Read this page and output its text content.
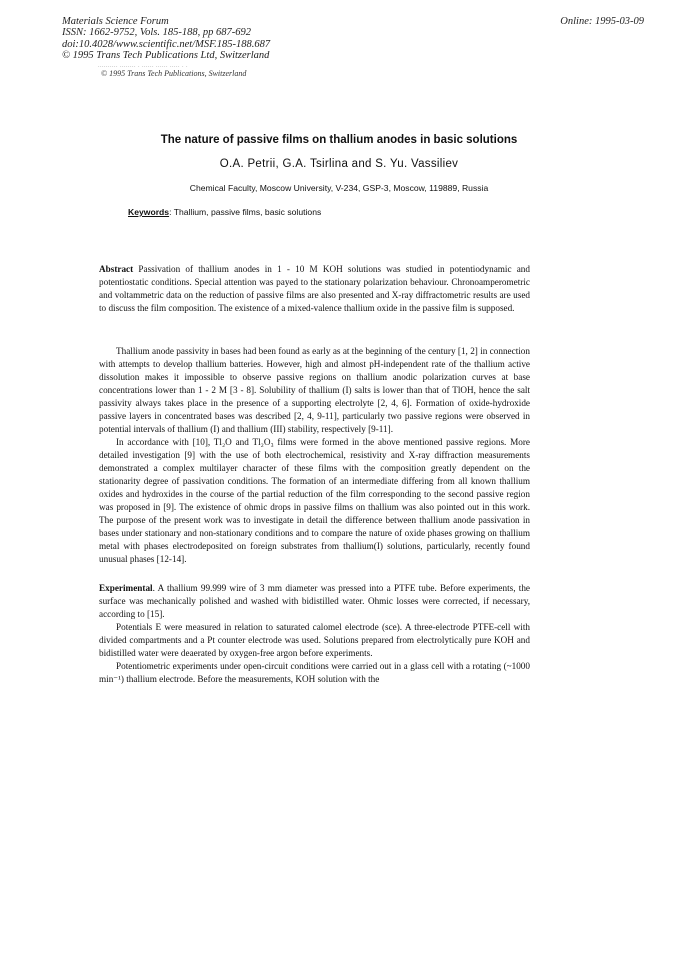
Materials Science Forum
ISSN: 1662-9752, Vols. 185-188, pp 687-692
doi:10.4028/www.scientific.net/MSF.185-188.687
© 1995 Trans Tech Publications Ltd, Switzerland
Online: 1995-03-09
.......... ........ . ...... ...... ..... . .
© 1995 Trans Tech Publications, Switzerland
The nature of passive films on thallium anodes in basic solutions
O.A. Petrii, G.A. Tsirlina and S. Yu. Vassiliev
Chemical Faculty, Moscow University, V-234, GSP-3, Moscow, 119889, Russia
Keywords: Thallium, passive films, basic solutions

Abstract Passivation of thallium anodes in 1 - 10 M KOH solutions was studied in potentiodynamic and potentiostatic conditions. Special attention was payed to the stationary polarization behaviour. Chronoamperometric and voltammetric data on the reduction of passive films are also presented and X-ray diffractometric results are used to discuss the film composition. The existence of a mixed-valence thallium oxide in the passive film is supposed.

Thallium anode passivity in bases had been found as early as at the beginning of the century [1, 2] in connection with attempts to develop thallium batteries. However, high and almost pH-independent rate of the thallium active dissolution makes it impossible to observe passive regions on thallium anodic polarization curves at base concentrations lower than 1 - 2 M [3 - 8]. Solubility of thallium (I) salts is lower than that of TlOH, hence the salt passivity always takes place in the presence of a supporting electrolyte [2, 4, 6]. Formation of oxide-hydroxide passive layers in concentrated bases was described [2, 4, 9-11], particularly two passive regions were observed in potential intervals of thallium (I) and thallium (III) stability, respectively [9-11].

In accordance with [10], Tl₂O and Tl₂O₃ films were formed in the above mentioned passive regions. More detailed investigation [9] with the use of both electrochemical, resistivity and X-ray diffraction measurements demonstrated a complex multilayer character of these films with the composition greatly dependent on the stationarity degree of passivation conditions. The formation of an intermediate differing from all known thallium oxides and hydroxides in the course of the partial reduction of the film corresponding to the second passive region was proposed in [9]. The existence of ohmic drops in passive films on thallium was also pointed out in this work. The purpose of the present work was to investigate in detail the difference between thallium anode passivation in bases under stationary and non-stationary conditions and to compare the nature of oxide phases growing on thallium metal with phases electrodeposited on foreign substrates from thallium(I) solutions, particularly, recently found unusual phases [12-14].

Experimental. A thallium 99.999 wire of 3 mm diameter was pressed into a PTFE tube. Before experiments, the surface was mechanically polished and washed with bidistilled water. Ohmic losses were corrected, if necessary, according to [15].

Potentials E were measured in relation to saturated calomel electrode (sce). A three-electrode PTFE-cell with divided compartments and a Pt counter electrode was used. Solutions prepared from electrolytically pure KOH and bidistilled water were deaerated by oxygen-free argon before experiments.

Potentiometric experiments under open-circuit conditions were carried out in a glass cell with a rotating (~1000 min⁻¹) thallium electrode. Before the measurements, KOH solution with the
